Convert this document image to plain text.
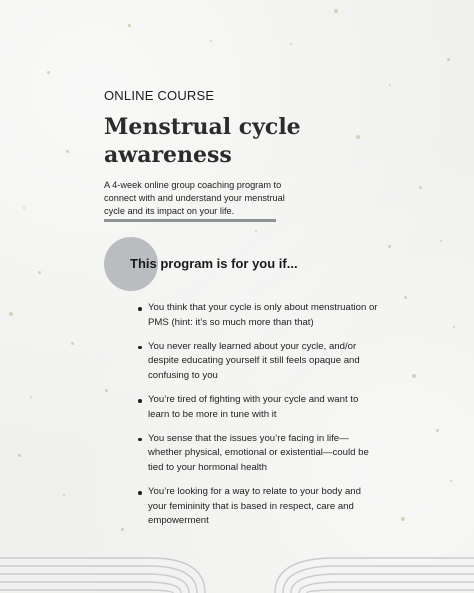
ONLINE COURSE
Menstrual cycle awareness

A 4-week online group coaching program to connect with and understand your menstrual cycle and its impact on your life.

This program is for you if...
You think that your cycle is only about menstruation or PMS (hint: it’s so much more than that)
You never really learned about your cycle, and/or despite educating yourself it still feels opaque and confusing to you
You’re tired of fighting with your cycle and want to learn to be more in tune with it
You sense that the issues you’re facing in life—whether physical, emotional or existential—could be tied to your hormonal health
You’re looking for a way to relate to your body and your femininity that is based in respect, care and empowerment
